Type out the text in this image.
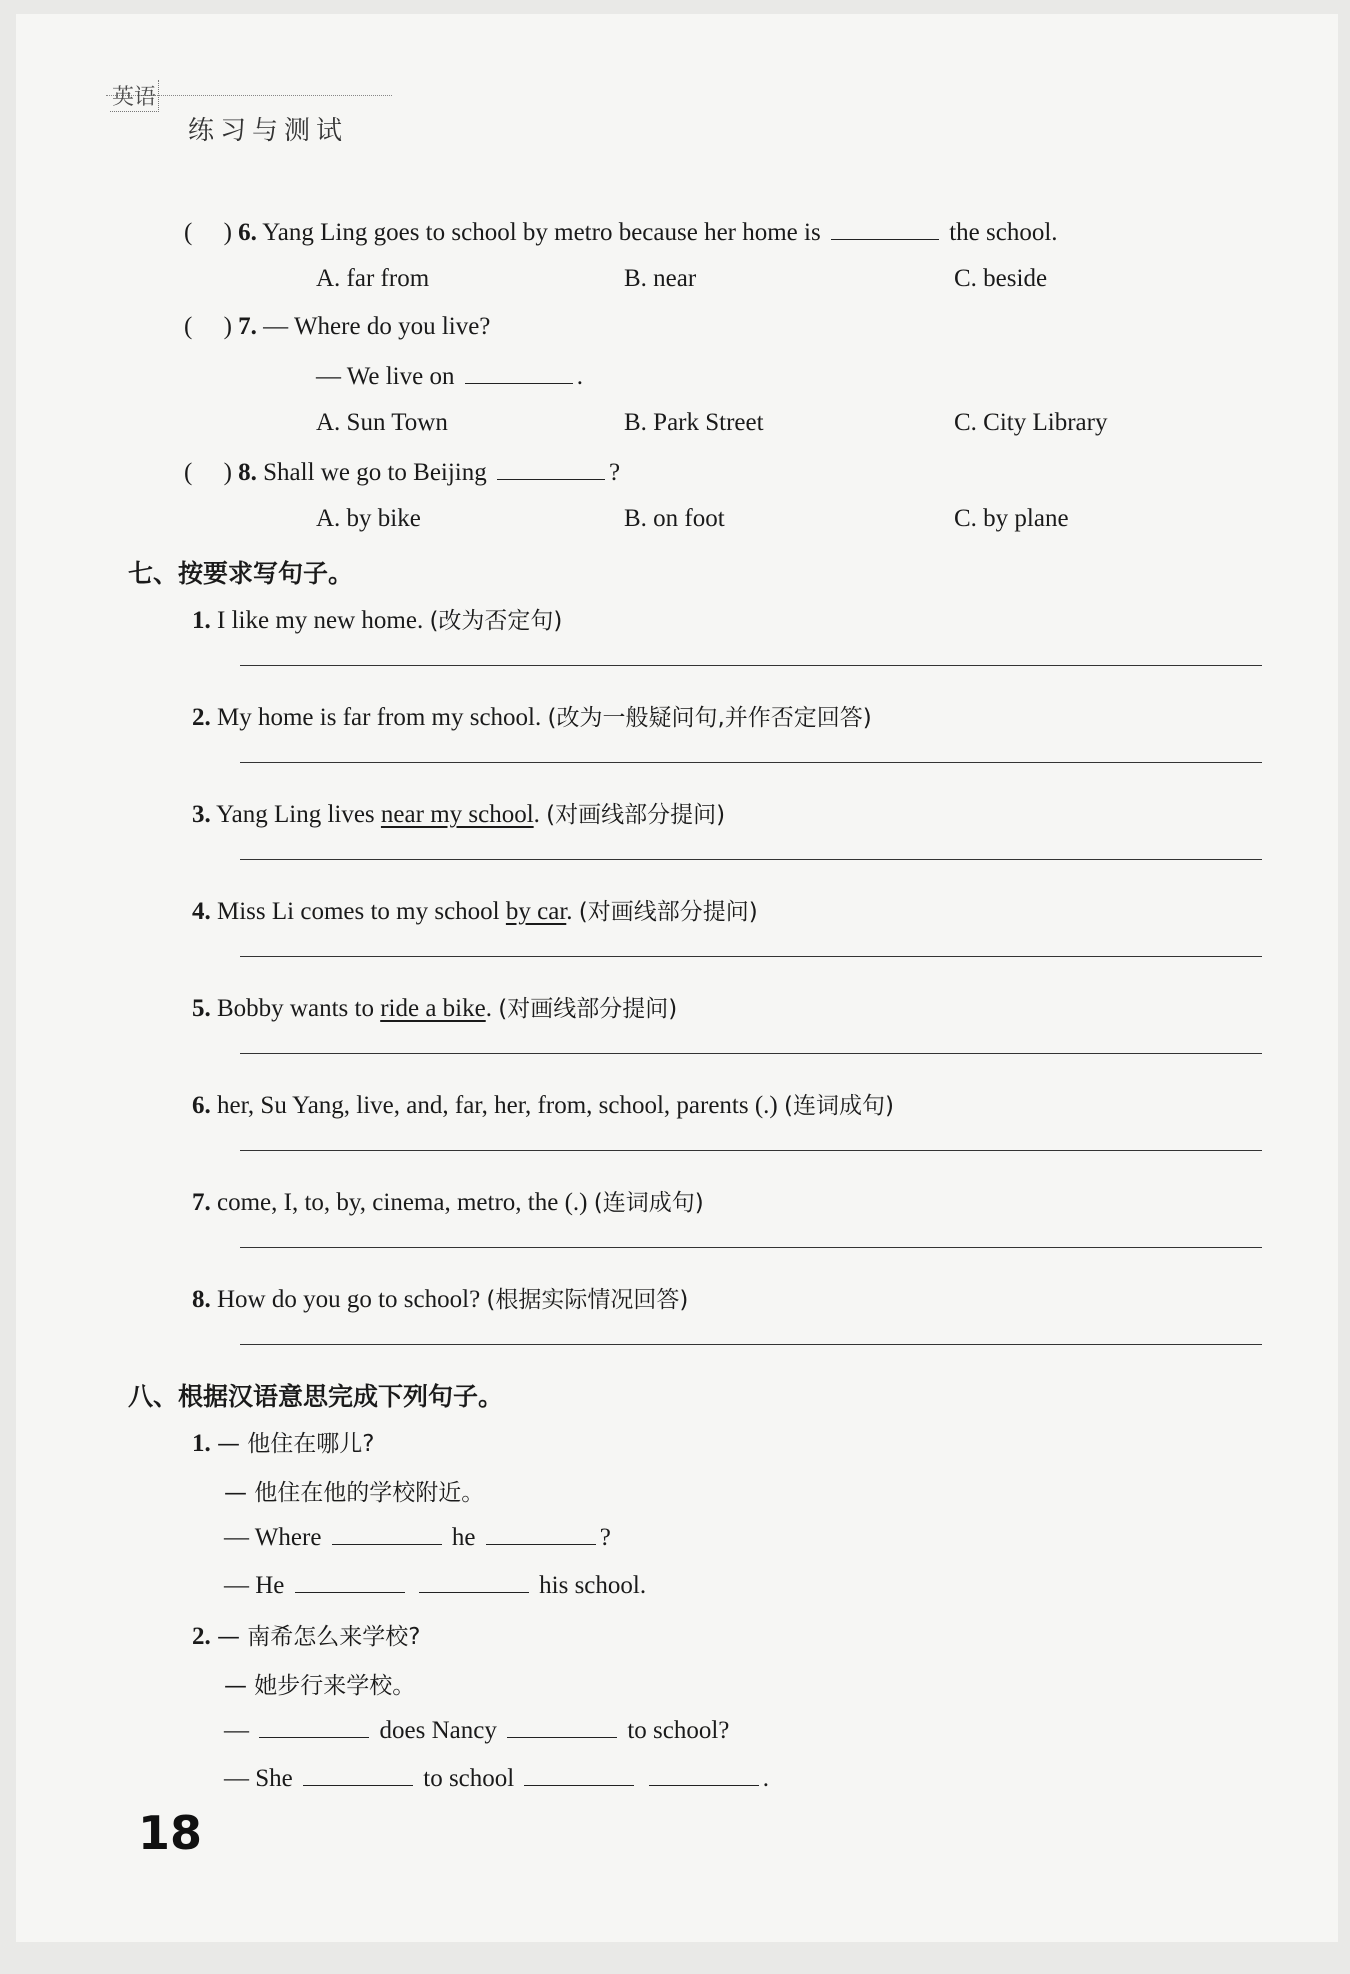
英语
练习与测试
(     ) 6. Yang Ling goes to school by metro because her home is	the school.
A. far from	B. near	C. beside
(     ) 7. — Where do you live?
— We live on	.
A. Sun Town	B. Park Street	C. City Library
(     ) 8. Shall we go to Beijing	?
A. by bike	B. on foot	C. by plane
七、按要求写句子。
1. I like my new home. (改为否定句)
2. My home is far from my school. (改为一般疑问句,并作否定回答)
3. Yang Ling lives near my school. (对画线部分提问)
4. Miss Li comes to my school by car. (对画线部分提问)
5. Bobby wants to ride a bike. (对画线部分提问)
6. her, Su Yang, live, and, far, her, from, school, parents (.) (连词成句)
7. come, I, to, by, cinema, metro, the (.) (连词成句)
8. How do you go to school? (根据实际情况回答)
八、根据汉语意思完成下列句子。
1. — 他住在哪儿?
— 他住在他的学校附近。
— Where	he	?
— He	his school.
2. — 南希怎么来学校?
— 她步行来学校。
—	does Nancy	to school?
— She	to school	.
18
